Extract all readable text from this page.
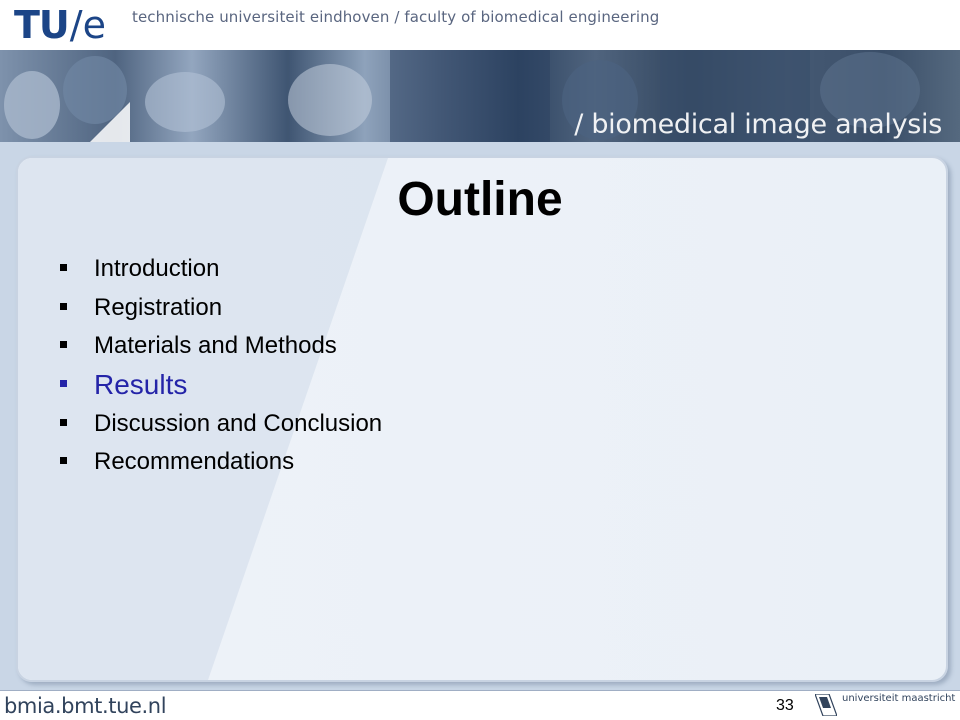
TU/e technische universiteit eindhoven / faculty of biomedical engineering
/ biomedical image analysis
Outline
Introduction
Registration
Materials and Methods
Results
Discussion and Conclusion
Recommendations
bmia.bmt.tue.nl	33	universiteit maastricht
